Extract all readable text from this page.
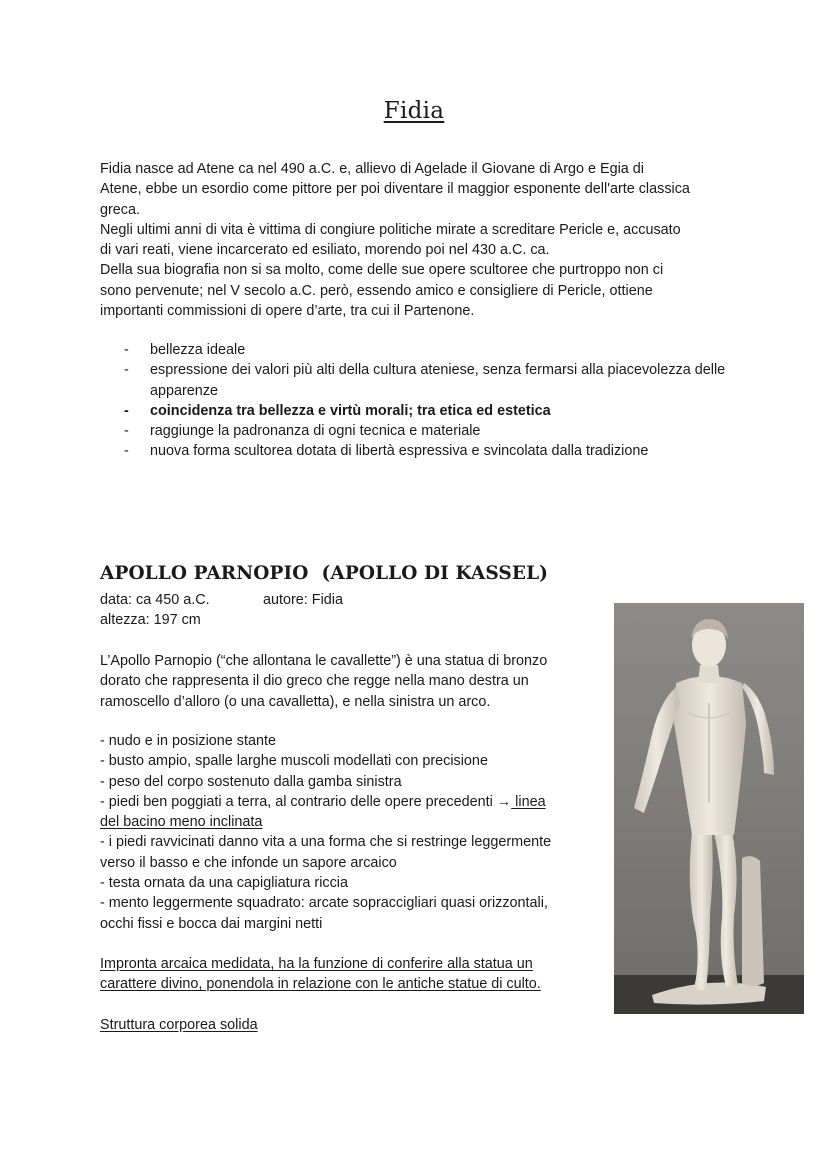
Fidia

Fidia nasce ad Atene ca nel 490 a.C. e, allievo di Agelade il Giovane di Argo e Egia di
Atene, ebbe un esordio come pittore per poi diventare il maggior esponente dell'arte classica
greca.
Negli ultimi anni di vita è vittima di congiure politiche mirate a screditare Pericle e, accusato
di vari reati, viene incarcerato ed esiliato, morendo poi nel 430 a.C. ca.
Della sua biografia non si sa molto, come delle sue opere scultoree che purtroppo non ci
sono pervenute; nel V secolo a.C. però, essendo amico e consigliere di Pericle, ottiene
importanti commissioni di opere d’arte, tra cui il Partenone.

- bellezza ideale
- espressione dei valori più alti della cultura ateniese, senza fermarsi alla piacevolezza delle apparenze
- coincidenza tra bellezza e virtù morali; tra etica ed estetica
- raggiunge la padronanza di ogni tecnica e materiale
- nuova forma scultorea dotata di libertà espressiva e svincolata dalla tradizione
APOLLO PARNOPIO  (APOLLO DI KASSEL)
data: ca 450 a.C.	autore: Fidia
altezza: 197 cm

L’Apollo Parnopio (“che allontana le cavallette”) è una statua di bronzo
dorato che rappresenta il dio greco che regge nella mano destra un
ramoscello d’alloro (o una cavalletta), e nella sinistra un arco.

- nudo e in posizione stante
- busto ampio, spalle larghe muscoli modellati con precisione
- peso del corpo sostenuto dalla gamba sinistra
- piedi ben poggiati a terra, al contrario delle opere precedenti → linea
del bacino meno inclinata
- i piedi ravvicinati danno vita a una forma che si restringe leggermente
verso il basso e che infonde un sapore arcaico
- testa ornata da una capigliatura riccia
- mento leggermente squadrato: arcate sopraccigliari quasi orizzontali,
occhi fissi e bocca dai margini netti

Impronta arcaica medidata, ha la funzione di conferire alla statua un
carattere divino, ponendola in relazione con le antiche statue di culto.

Struttura corporea solida
